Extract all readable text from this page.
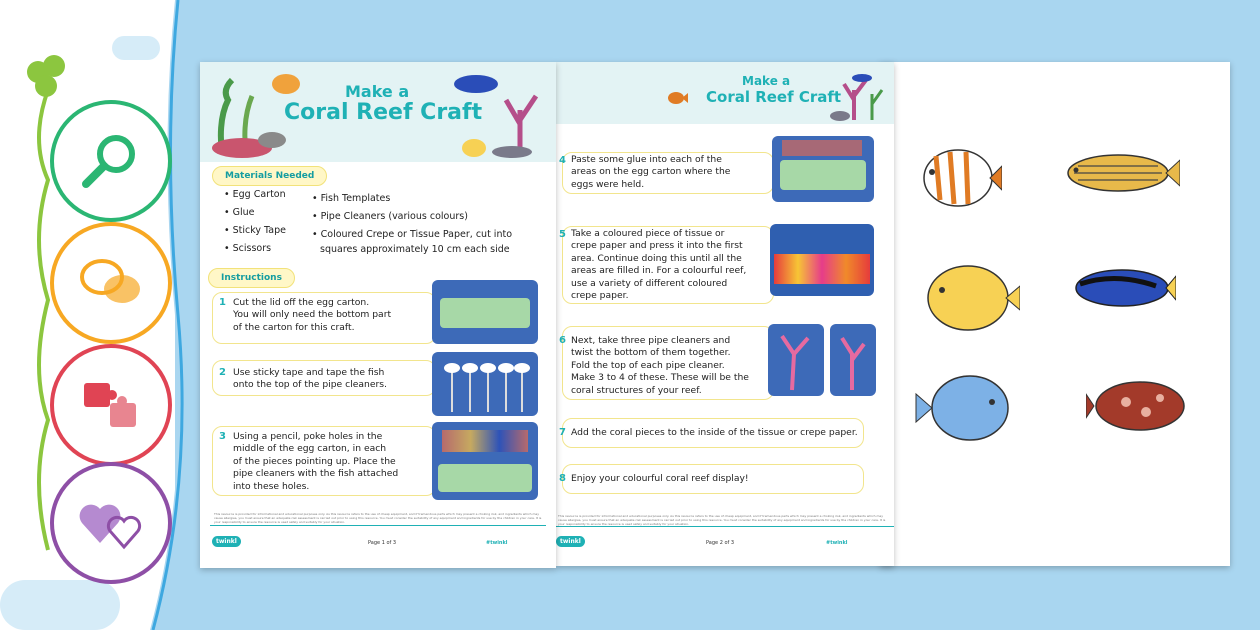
Make a
Coral Reef Craft
4 Paste some glue into each of the
areas on the egg carton where the
eggs were held.
5 Take a coloured piece of tissue or
crepe paper and press it into the first
area. Continue doing this until all the
areas are filled in. For a colourful reef,
use a variety of different coloured
crepe paper.
6 Next, take three pipe cleaners and
twist the bottom of them together.
Fold the top of each pipe cleaner.
Make 3 to 4 of these. These will be the
coral structures of your reef.
7 Add the coral pieces to the inside of the tissue or crepe paper.
8 Enjoy your colourful coral reef display!
This resource is provided for informational and educational purposes only. As this resource refers to the use of cheap equipment, and if tremendous parts which may present a choking risk, and ingredients which may cause allergies, you must ensure that an adequate risk assessment is carried out prior to using this resource. You must consider the suitability of any equipment and ingredients for use by the children in your care. It is your responsibility to ensure the resource is used safely and suitably for your situation.
twinkl	Page 2 of 3	#twinkl
Make a
Coral Reef Craft
Materials Needed
• Egg Carton
• Glue
• Sticky Tape
• Scissors
• Fish Templates
• Pipe Cleaners (various colours)
• Coloured Crepe or Tissue Paper, cut into
squares approximately 10 cm each side
Instructions
1 Cut the lid off the egg carton.
You will only need the bottom part
of the carton for this craft.
2 Use sticky tape and tape the fish
onto the top of the pipe cleaners.
3 Using a pencil, poke holes in the
middle of the egg carton, in each
of the pieces pointing up. Place the
pipe cleaners with the fish attached
into these holes.
This resource is provided for informational and educational purposes only. As this resource refers to the use of cheap equipment, and if tremendous parts which may present a choking risk, and ingredients which may cause allergies, you must ensure that an adequate risk assessment is carried out prior to using this resource. You must consider the suitability of any equipment and ingredients for use by the children in your care. It is your responsibility to ensure the resource is used safely and suitably for your situation.
twinkl	Page 1 of 3	#twinkl
